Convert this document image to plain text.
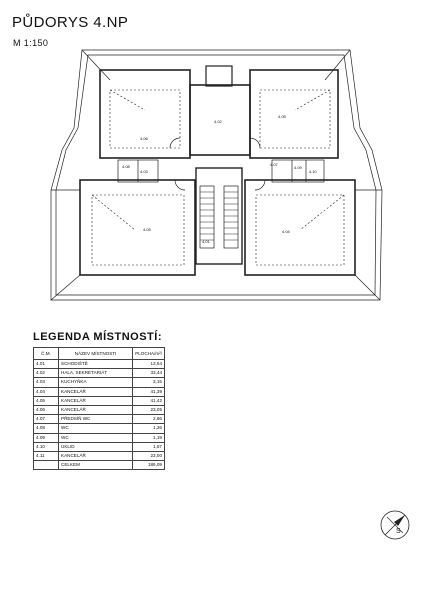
PŮDORYS 4.NP
M 1:150
4.02
4.06
4.05
4.03	4.10
4.07
4.09
4.08
4.01
4.05	4.04
LEGENDA MÍSTNOSTÍ:
Č.M.	NÁZEV MÍSTNOSTI	PLOCHA/m²/
4.01	SCHODIŠTĚ	13,64
4.02	HALA, SEKRETARIÁT	33,44
4.03	KUCHYŇKA	3,15
4.04	KANCELÁŘ	41,39
4.05	KANCELÁŘ	41,42
4.06	KANCELÁŘ	23,05
4.07	PŘEDSÍŇ WC	2,66
4.08	WC	1,26
4.09	WC	1,19
4.10	ÚKLID	1,67
4.11	KANCELÁŘ	23,00
	CELKEM	186,09
S
